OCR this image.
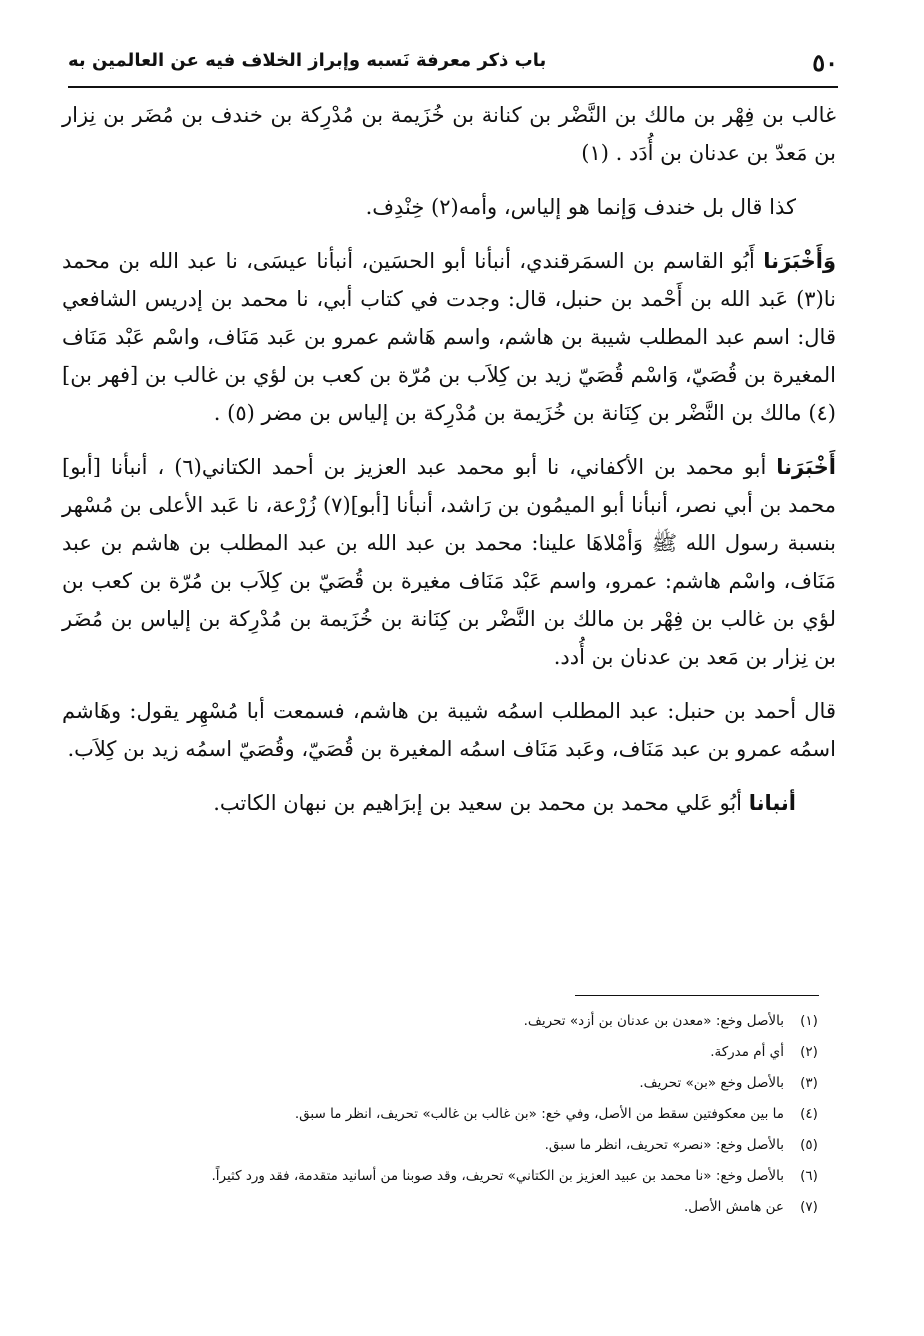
٥٠
باب ذكر معرفة نَسبه وإبراز الخلاف فيه عن العالمين به

غالب بن فِهْر بن مالك بن النَّضْر بن كنانة بن خُزَيمة بن مُدْرِكة بن خندف بن مُضَر بن نِزار بن مَعدّ بن عدنان بن أُدَد . (١)

كذا قال بل خندف وَإنما هو إلياس، وأمه(٢) خِنْدِف.

وَأَخْبَرَنا أَبُو القاسم بن السمَرقندي، أنبأنا أبو الحسَين، أنبأنا عيسَى، نا عبد الله بن محمد نا(٣) عَبد الله بن أَحْمد بن حنبل، قال: وجدت في كتاب أبي، نا محمد بن إدريس الشافعي قال: اسم عبد المطلب شيبة بن هاشم، واسم هَاشم عمرو بن عَبد مَنَاف، واسْم عَبْد مَنَاف المغيرة بن قُصَيّ، وَاسْم قُصَيّ زيد بن كِلاَب بن مُرّة بن كعب بن لؤي بن غالب بن [فهر بن](٤) مالك بن النَّضْر بن كِنَانة بن خُزَيمة بن مُدْرِكة بن إلياس بن مضر (٥) .

أَخْبَرَنا أبو محمد بن الأكفاني، نا أبو محمد عبد العزيز بن أحمد الكتاني(٦) ، أنبأنا [أبو] محمد بن أبي نصر، أنبأنا أبو الميمُون بن رَاشد، أنبأنا [أبو](٧) زُرْعة، نا عَبد الأعلى بن مُسْهر بنسبة رسول الله ﷺ وَأمْلاهَا علينا: محمد بن عبد الله بن عبد المطلب بن هاشم بن عبد مَنَاف، واسْم هاشم: عمرو، واسم عَبْد مَنَاف مغيرة بن قُصَيّ بن كِلاَب بن مُرّة بن كعب بن لؤي بن غالب بن فِهْر بن مالك بن النَّضْر بن كِنَانة بن خُزَيمة بن مُدْرِكة بن إلياس بن مُضَر بن نِزار بن مَعد بن عدنان بن أُدد.

قال أحمد بن حنبل: عبد المطلب اسمُه شيبة بن هاشم، فسمعت أبا مُسْهِر يقول: وهَاشم اسمُه عمرو بن عبد مَنَاف، وعَبد مَنَاف اسمُه المغيرة بن قُصَيّ، وقُصَيّ اسمُه زيد بن كِلاَب.

أنبانا أبُو عَلي محمد بن محمد بن سعيد بن إبرَاهيم بن نبهان الكاتب.

(١)
بالأصل وخع: «معدن بن عدنان بن أزد» تحريف.
(٢)
أي أم مدركة.
(٣)
بالأصل وخع «بن» تحريف.
(٤)
ما بين معكوفتين سقط من الأصل، وفي خع: «بن غالب بن غالب» تحريف، انظر ما سبق.
(٥)
بالأصل وخع: «نصر» تحريف، انظر ما سبق.
(٦)
بالأصل وخع: «نا محمد بن عبيد العزيز بن الكتاني» تحريف، وقد صوبنا من أسانيد متقدمة، فقد ورد كثيراً.
(٧)
عن هامش الأصل.
